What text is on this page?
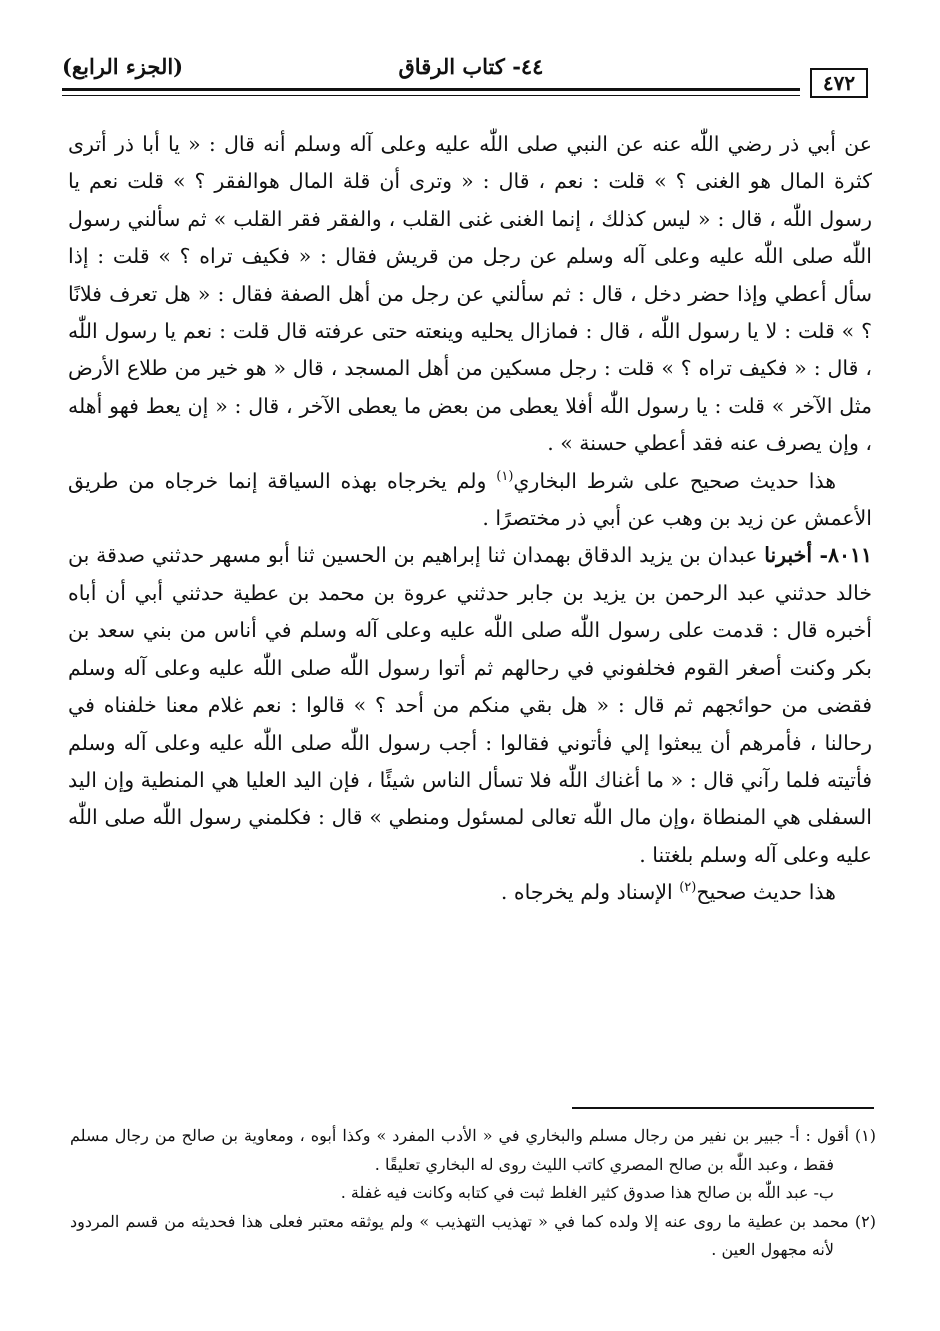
٤٧٢
٤٤- كتاب الرقاق
(الجزء الرابع)

عن أبي ذر رضي اللّٰه عنه عن النبي صلى اللّٰه عليه وعلى آله وسلم أنه قال : « يا أبا ذر أترى كثرة المال هو الغنى ؟ » قلت : نعم ، قال : « وترى أن قلة المال هوالفقر ؟ » قلت نعم يا رسول اللّٰه ، قال : « ليس كذلك ، إنما الغنى غنى القلب ، والفقر فقر القلب » ثم سألني رسول اللّٰه صلى اللّٰه عليه وعلى آله وسلم عن رجل من قريش فقال : « فكيف تراه ؟ » قلت : إذا سأل أعطي وإذا حضر دخل ، قال : ثم سألني عن رجل من أهل الصفة فقال : « هل تعرف فلانًا ؟ » قلت : لا يا رسول اللّٰه ، قال : فمازال يحليه وينعته حتى عرفته قال قلت : نعم يا رسول اللّٰه ، قال : « فكيف تراه ؟ » قلت : رجل مسكين من أهل المسجد ، قال « هو خير من طلاع الأرض مثل الآخر » قلت : يا رسول اللّٰه أفلا يعطى من بعض ما يعطى الآخر ، قال : « إن يعط فهو أهله ، وإن يصرف عنه فقد أعطي حسنة » .

هذا حديث صحيح على شرط البخاري$^{(١)}$ ولم يخرجاه بهذه السياقة إنما خرجاه من طريق الأعمش عن زيد بن وهب عن أبي ذر مختصرًا .

٨٠١١- أخبرنا عبدان بن يزيد الدقاق بهمدان ثنا إبراهيم بن الحسين ثنا أبو مسهر حدثني صدقة بن خالد حدثني عبد الرحمن بن يزيد بن جابر حدثني عروة بن محمد بن عطية حدثني أبي أن أباه أخبره قال : قدمت على رسول اللّٰه صلى اللّٰه عليه وعلى آله وسلم في أناس من بني سعد بن بكر وكنت أصغر القوم فخلفوني في رحالهم ثم أتوا رسول اللّٰه صلى اللّٰه عليه وعلى آله وسلم فقضى من حوائجهم ثم قال : « هل بقي منكم من أحد ؟ » قالوا : نعم غلام معنا خلفناه في رحالنا ، فأمرهم أن يبعثوا إلي فأتوني فقالوا : أجب رسول اللّٰه صلى اللّٰه عليه وعلى آله وسلم فأتيته فلما رآني قال : « ما أغناك اللّٰه فلا تسأل الناس شيئًا ، فإن اليد العليا هي المنطية وإن اليد السفلى هي المنطاة ،وإن مال اللّٰه تعالى لمسئول ومنطي » قال : فكلمني رسول اللّٰه صلى اللّٰه عليه وعلى آله وسلم بلغتنا .

هذا حديث صحيح$^{(٢)}$ الإسناد ولم يخرجاه .

(١) أقول : أ- جبير بن نفير من رجال مسلم والبخاري في « الأدب المفرد » وكذا أبوه ، ومعاوية بن صالح من رجال مسلم فقط ، وعبد اللّٰه بن صالح المصري كاتب الليث روى له البخاري تعليقًا .

ب- عبد اللّٰه بن صالح هذا صدوق كثير الغلط ثبت في كتابه وكانت فيه غفلة .

(٢) محمد بن عطية ما روى عنه إلا ولده كما في « تهذيب التهذيب » ولم يوثقه معتبر فعلى هذا فحديثه من قسم المردود لأنه مجهول العين .
